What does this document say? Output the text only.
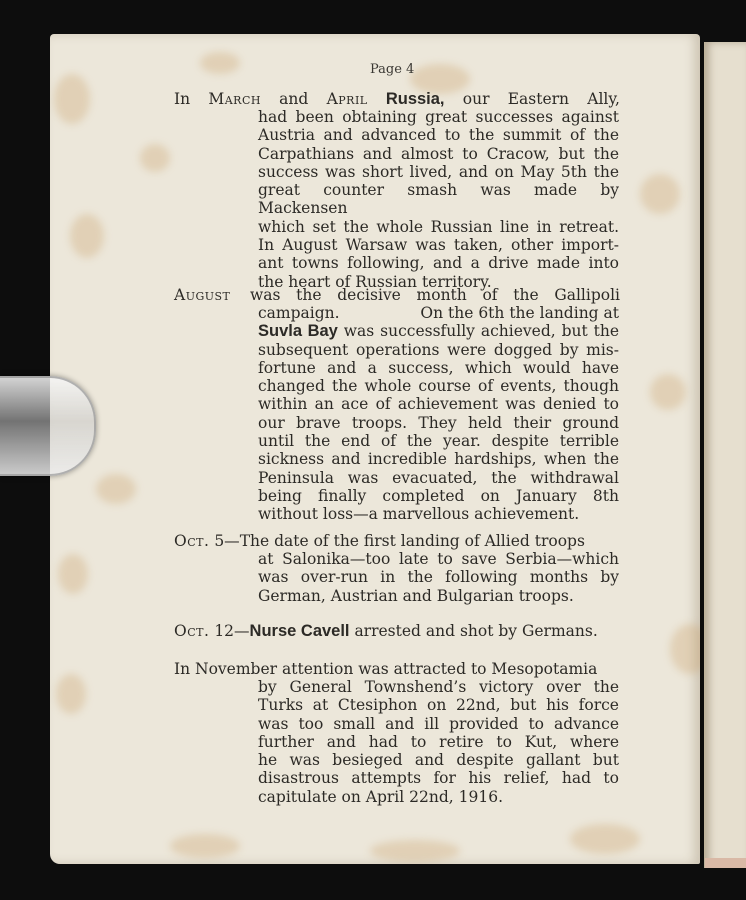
Page 4
In March and April Russia, our Eastern Ally,
had been obtaining great successes against
Austria and advanced to the summit of the
Carpathians and almost to Cracow, but the
success was short lived, and on May 5th the
great counter smash was made by Mackensen
which set the whole Russian line in retreat.
In August Warsaw was taken, other import-
ant towns following, and a drive made into
the heart of Russian territory.
August was the decisive month of the Gallipoli
campaign.	On the 6th the landing at
Suvla Bay was successfully achieved, but the
subsequent operations were dogged by mis-
fortune and a success, which would have
changed the whole course of events, though
within an ace of achievement was denied to
our brave troops. They held their ground
until the end of the year. despite terrible
sickness and incredible hardships, when the
Peninsula was evacuated, the withdrawal
being finally completed on January 8th
without loss—a marvellous achievement.
Oct. 5—The date of the first landing of Allied troops
at Salonika—too late to save Serbia—which
was over-run in the following months by
German, Austrian and Bulgarian troops.
Oct. 12—Nurse Cavell arrested and shot by Germans.
In November attention was attracted to Mesopotamia
by General Townshend’s victory over the
Turks at Ctesiphon on 22nd, but his force
was too small and ill provided to advance
further and had to retire to Kut, where
he was besieged and despite gallant but
disastrous attempts for his relief, had to
capitulate on April 22nd, 1916.
